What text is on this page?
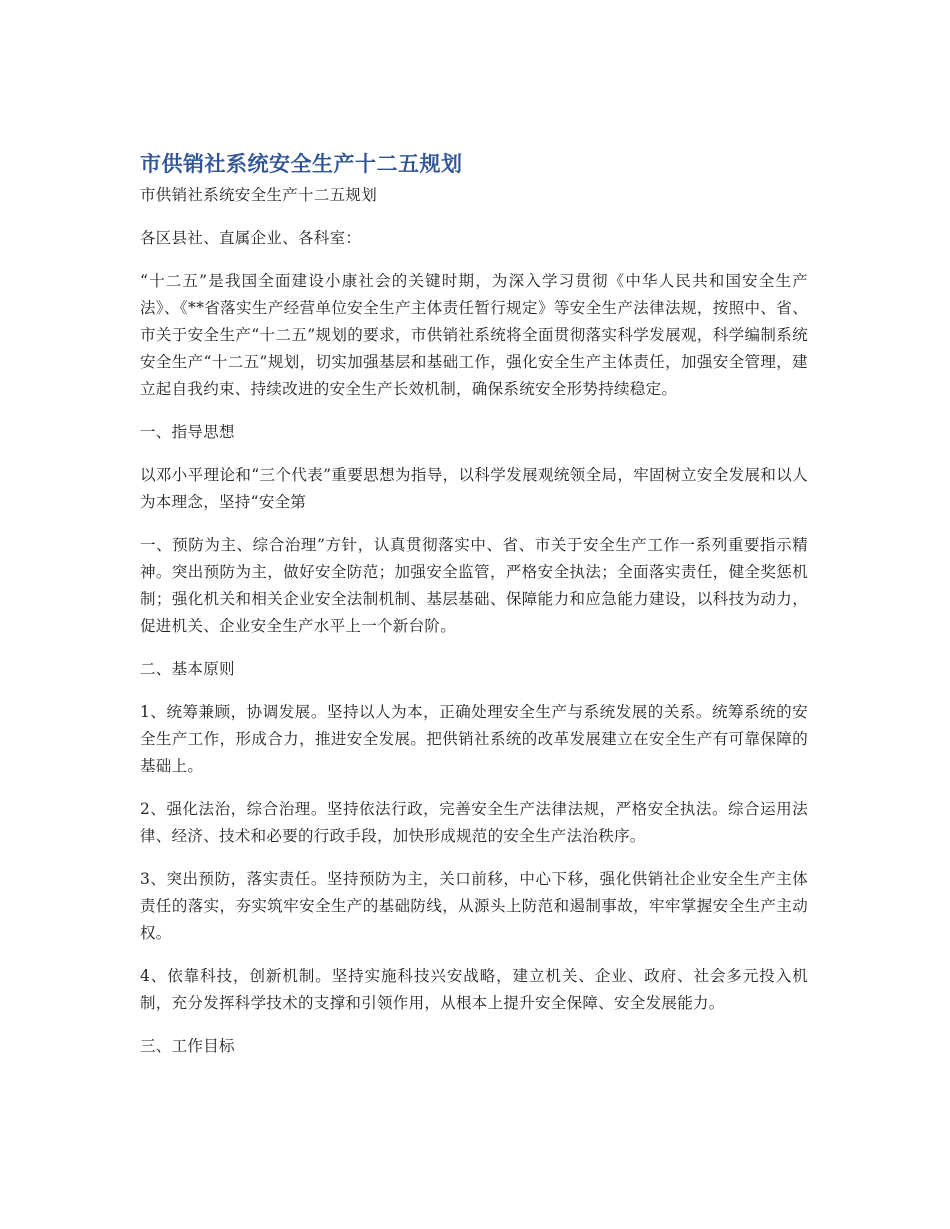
市供销社系统安全生产十二五规划

市供销社系统安全生产十二五规划

各区县社、直属企业、各科室：

“十二五”是我国全面建设小康社会的关键时期，为深入学习贯彻《中华人民共和国安全生产法》、《**省落实生产经营单位安全生产主体责任暂行规定》等安全生产法律法规，按照中、省、市关于安全生产“十二五”规划的要求，市供销社系统将全面贯彻落实科学发展观，科学编制系统安全生产“十二五”规划，切实加强基层和基础工作，强化安全生产主体责任，加强安全管理，建立起自我约束、持续改进的安全生产长效机制，确保系统安全形势持续稳定。

一、指导思想

以邓小平理论和“三个代表”重要思想为指导，以科学发展观统领全局，牢固树立安全发展和以人为本理念，坚持“安全第

一、预防为主、综合治理”方针，认真贯彻落实中、省、市关于安全生产工作一系列重要指示精神。突出预防为主，做好安全防范；加强安全监管，严格安全执法；全面落实责任，健全奖惩机制；强化机关和相关企业安全法制机制、基层基础、保障能力和应急能力建设，以科技为动力，促进机关、企业安全生产水平上一个新台阶。

二、基本原则

1、统筹兼顾，协调发展。坚持以人为本，正确处理安全生产与系统发展的关系。统筹系统的安全生产工作，形成合力，推进安全发展。把供销社系统的改革发展建立在安全生产有可靠保障的基础上。

2、强化法治，综合治理。坚持依法行政，完善安全生产法律法规，严格安全执法。综合运用法律、经济、技术和必要的行政手段，加快形成规范的安全生产法治秩序。

3、突出预防，落实责任。坚持预防为主，关口前移，中心下移，强化供销社企业安全生产主体责任的落实，夯实筑牢安全生产的基础防线，从源头上防范和遏制事故，牢牢掌握安全生产主动权。

4、依靠科技，创新机制。坚持实施科技兴安战略，建立机关、企业、政府、社会多元投入机制，充分发挥科学技术的支撑和引领作用，从根本上提升安全保障、安全发展能力。

三、工作目标
